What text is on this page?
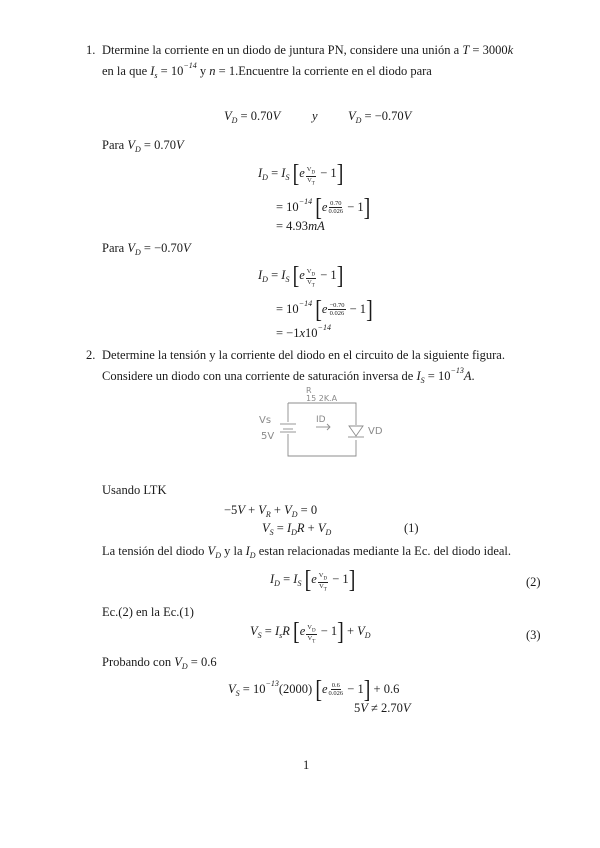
1. Dtermine la corriente en un diodo de juntura PN, considere una unión a T = 3000k
en la que $I_s = 10^{-14}$ y n = 1.Encuentre la corriente en el diodo para
$V_D = 0.70V$	y $V_D = -0.70V$
Para $V_D = 0.70V$
$I_D = I_S$ $[e \frac{V_D}{V_T} - 1]$
= $10^{-14}$ $[e \frac{0.70}{0.026} - 1]$
= 4.93mA
Para $V_D = -0.70V$
$I_D = I_S$ $[e \frac{V_D}{V_T} - 1]$
= $10^{-14}$ $[e \frac{-0.70}{0.026} - 1]$
= $-1x10^{-14}$
2. Determine la tensión y la corriente del diodo en el circuito de la siguiente figura.
Considere un diodo con una corriente de saturación inversa de $I_S = 10^{-13}A$.
Vs
5V
R
15 2K.A
ID
VD
Usando LTK
$-5V + V_R + V_D = 0$
$V_S = I_DR + V_D$	(1)
La tensión del diodo $V_D$ y la $I_D$ estan relacionadas mediante la Ec. del diodo ideal.
$I_D = I_S$ $[e \frac{V_D}{V_T} - 1]$	(2)
Ec.(2) en la Ec.(1)
$V_S = I_sR$ $[e \frac{V_D}{V_T} - 1] + V_D$	(3)
Probando con $V_D = 0.6$
$V_S = 10^{-13}(2000)$ $[e \frac{0.6}{0.026} - 1] + 0.6$
5V ≠ 2.70V
1
